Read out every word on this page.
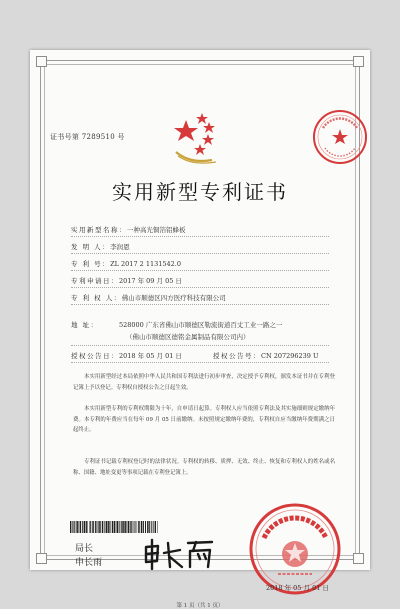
证书号第 7289510 号
实用新型专利证书
实用新型名称：一种高光铜箔铝蜂板
发 明 人：李润恩
专 利 号：ZL 2017 2 1131542.0
专利申请日：2017 年 09 月 05 日
专 利 权 人：佛山市顺德区四方医疗科技有限公司
地 址：	528000 广东省佛山市顺德区勒流街道百丈工业一路之一
（佛山市顺德区德铭金属制品有限公司内）
授权公告日：2018 年 05 月 01 日	授权公告号：CN 207296239 U
本实用新型经过本局依照中华人民共和国专利法进行初步审查，决定授予专利权，颁发本证书并在专利登记簿上予以登记。专利权自授权公告之日起生效。
本实用新型专利的专利权期限为十年，自申请日起算。专利权人应当依照专利法及其实施细则规定缴纳年费。本专利的年费应当在每年 09 月 05 日前缴纳。未按照规定缴纳年费的，专利权自应当缴纳年费期满之日起终止。
专利证书记载专利权登记时的法律状况。专利权的转移、质押、无效、终止、恢复和专利权人的姓名或名称、国籍、地址变更等事项记载在专利登记簿上。
局长
申长雨
2018 年 05 月 01 日
第 1 页（共 1 页）
